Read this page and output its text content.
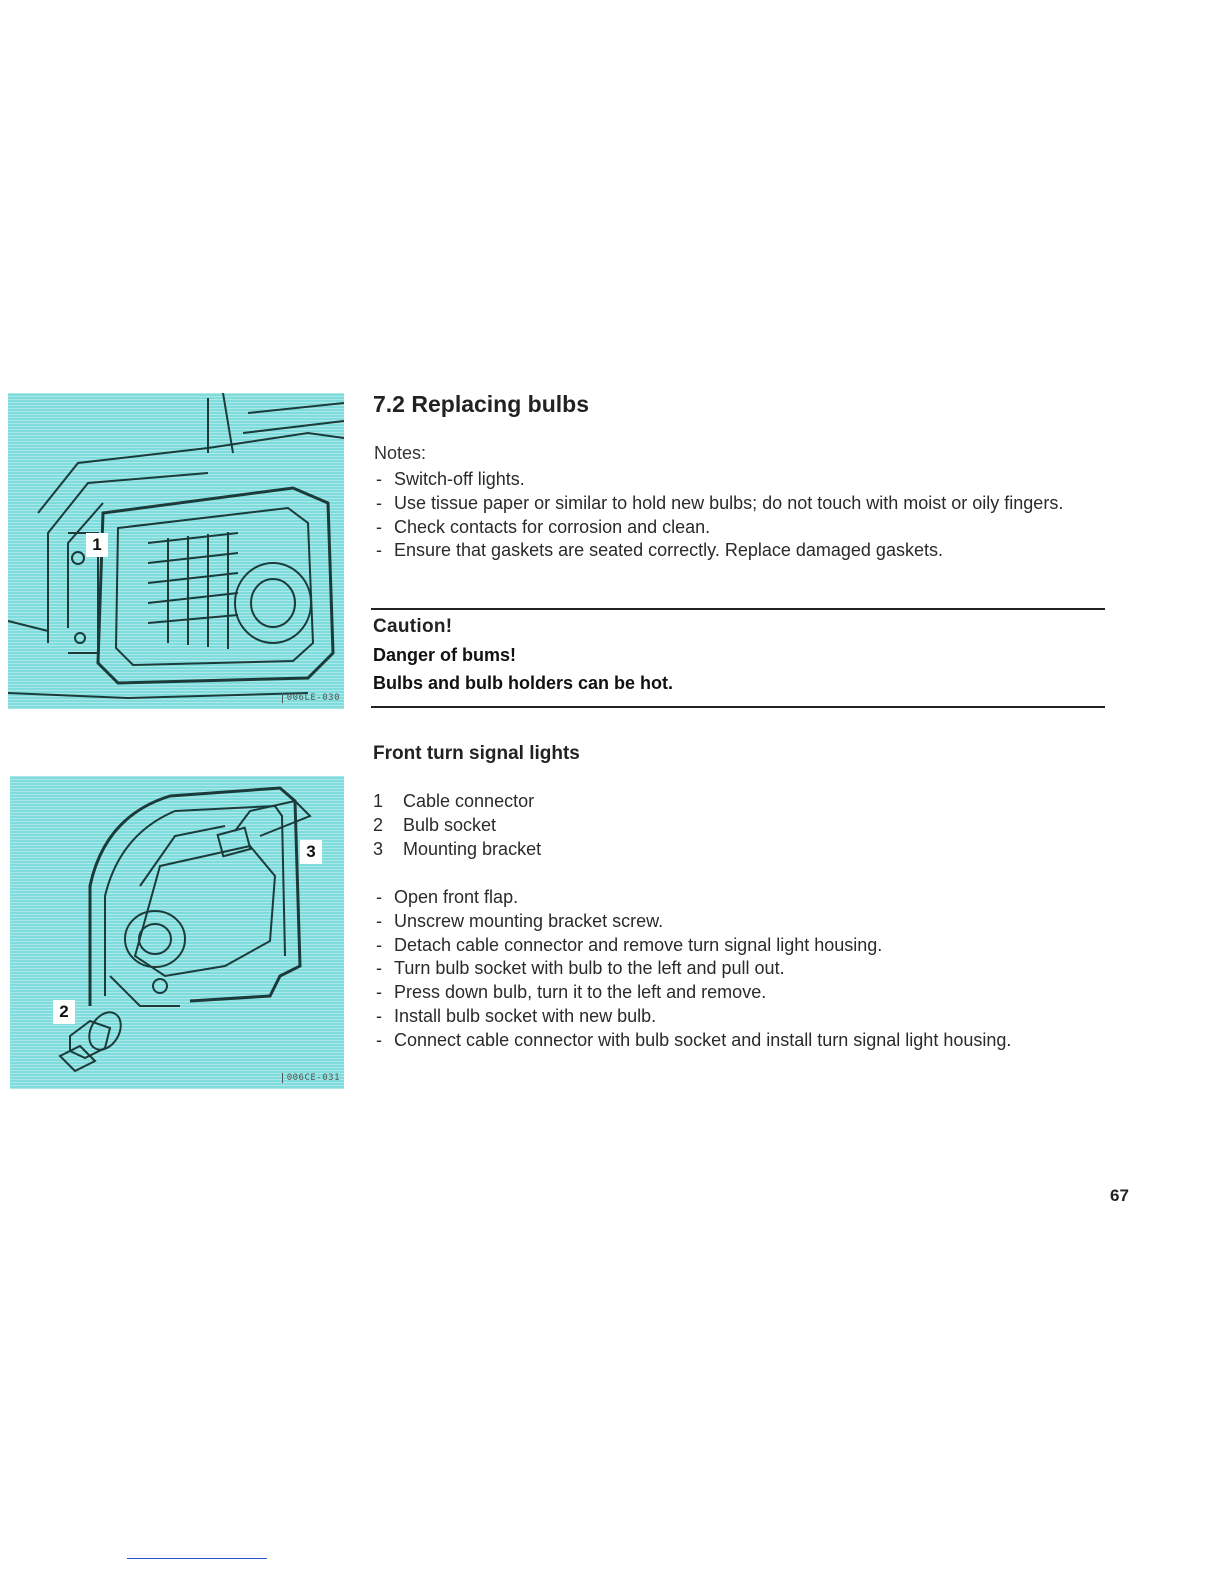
1
006LE-030
3
2
006CE-031
7.2 Replacing bulbs
Notes:
- Switch-off lights.
- Use tissue paper or similar to hold new bulbs; do not touch with moist or oily fingers.
- Check contacts for corrosion and clean.
- Ensure that gaskets are seated correctly. Replace damaged gaskets.
Caution!
Danger of bums!
Bulbs and bulb holders can be hot.
Front turn signal lights
1	Cable connector
2	Bulb socket
3	Mounting bracket
- Open front flap.
- Unscrew mounting bracket screw.
- Detach cable connector and remove turn signal light housing.
- Turn bulb socket with bulb to the left and pull out.
- Press down bulb, turn it to the left and remove.
- Install bulb socket with new bulb.
- Connect cable connector with bulb socket and install turn signal light housing.
67
